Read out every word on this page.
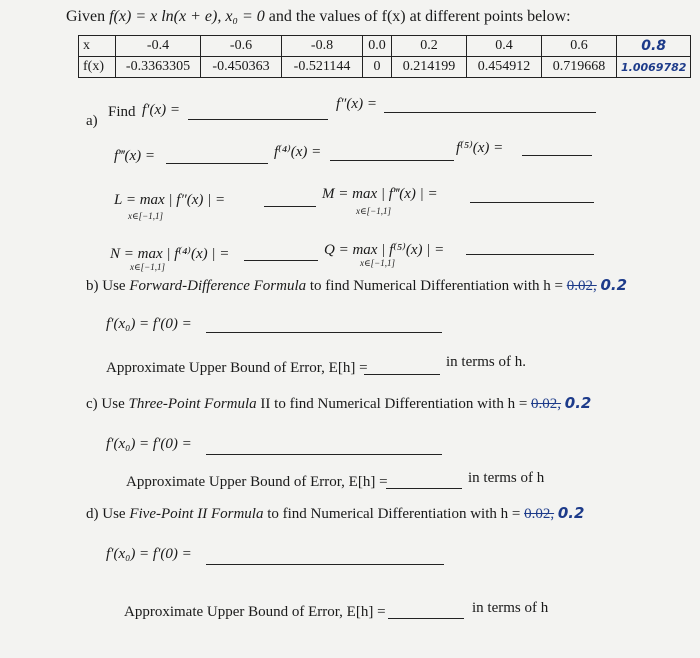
Given f(x) = x ln(x + e), x₀ = 0 and the values of f(x) at different points below:
x	-0.4	-0.6	-0.8	0.0	0.2	0.4	0.6	0.8
f(x)	-0.3363305	-0.450363	-0.521144	0	0.214199	0.454912	0.719668	1.0069782
a)
Find f′(x) =	f″(x) =
f‴(x) =	f⁽⁴⁾(x) =	f⁽⁵⁾(x) =
L = max | f″(x) | =
x∈[−1,1]
M = max | f‴(x) | =
x∈[−1,1]
N = max | f⁽⁴⁾(x) | =
x∈[−1,1]
Q = max | f⁽⁵⁾(x) | =
x∈[−1,1]
b) Use Forward-Difference Formula to find Numerical Differentiation with h = 0.02, 0.2
f′(x₀) = f′(0) =
Approximate Upper Bound of Error, E[h] =	in terms of h.
c) Use Three-Point Formula II to find Numerical Differentiation with h = 0.02, 0.2
f′(x₀) = f′(0) =
Approximate Upper Bound of Error, E[h] =	in terms of h
d) Use Five-Point II Formula to find Numerical Differentiation with h = 0.02, 0.2
f′(x₀) = f′(0) =
Approximate Upper Bound of Error, E[h] =	in terms of h
